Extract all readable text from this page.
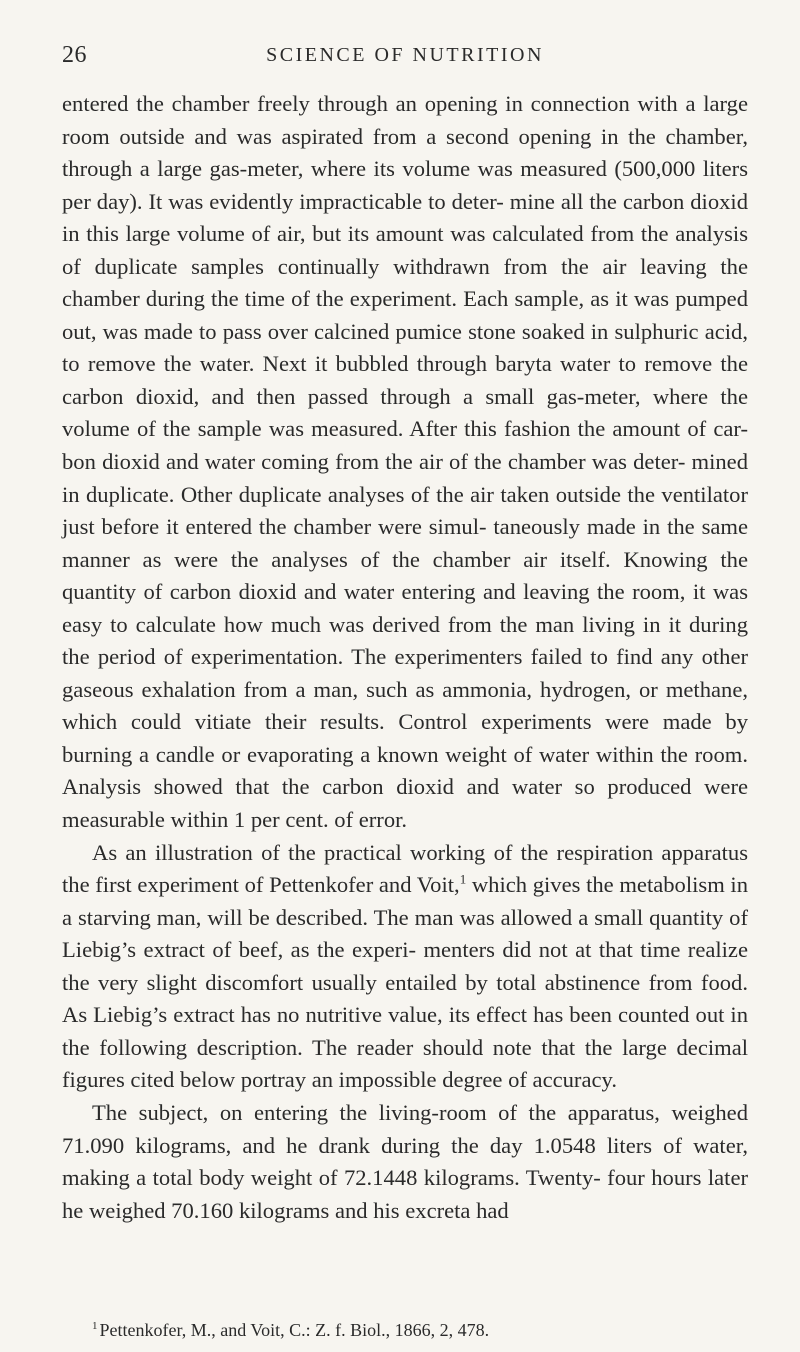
26	SCIENCE OF NUTRITION

entered the chamber freely through an opening in connection with a large room outside and was aspirated from a second opening in the chamber, through a large gas-meter, where its volume was measured (500,000 liters per day). It was evidently impracticable to deter- mine all the carbon dioxid in this large volume of air, but its amount was calculated from the analysis of duplicate samples continually withdrawn from the air leaving the chamber during the time of the experiment. Each sample, as it was pumped out, was made to pass over calcined pumice stone soaked in sulphuric acid, to remove the water. Next it bubbled through baryta water to remove the carbon dioxid, and then passed through a small gas-meter, where the volume of the sample was measured. After this fashion the amount of car- bon dioxid and water coming from the air of the chamber was deter- mined in duplicate. Other duplicate analyses of the air taken outside the ventilator just before it entered the chamber were simul- taneously made in the same manner as were the analyses of the chamber air itself. Knowing the quantity of carbon dioxid and water entering and leaving the room, it was easy to calculate how much was derived from the man living in it during the period of experimentation. The experimenters failed to find any other gaseous exhalation from a man, such as ammonia, hydrogen, or methane, which could vitiate their results. Control experiments were made by burning a candle or evaporating a known weight of water within the room. Analysis showed that the carbon dioxid and water so produced were measurable within 1 per cent. of error.

As an illustration of the practical working of the respiration apparatus the first experiment of Pettenkofer and Voit,$^1$ which gives the metabolism in a starving man, will be described. The man was allowed a small quantity of Liebig’s extract of beef, as the experi- menters did not at that time realize the very slight discomfort usually entailed by total abstinence from food. As Liebig’s extract has no nutritive value, its effect has been counted out in the following description. The reader should note that the large decimal figures cited below portray an impossible degree of accuracy.

The subject, on entering the living-room of the apparatus, weighed 71.090 kilograms, and he drank during the day 1.0548 liters of water, making a total body weight of 72.1448 kilograms. Twenty- four hours later he weighed 70.160 kilograms and his excreta had

$^1$ Pettenkofer, M., and Voit, C.: Z. f. Biol., 1866, 2, 478.
